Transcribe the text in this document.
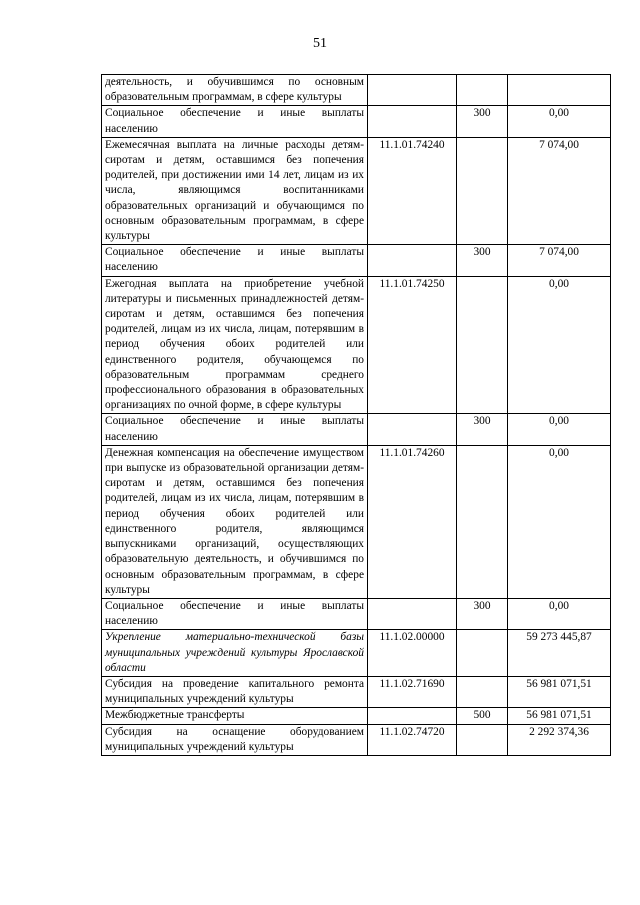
51
деятельность, и обучившимся по основным образовательным программам, в сфере культуры			
Социальное обеспечение и иные выплаты населению		300	0,00
Ежемесячная выплата на личные расходы детям-сиротам и детям, оставшимся без попечения родителей, при достижении ими 14 лет, лицам из их числа, являющимся воспитанниками образовательных организаций и обучающимся по основным образовательным программам, в сфере культуры	11.1.01.74240		7 074,00
Социальное обеспечение и иные выплаты населению		300	7 074,00
Ежегодная выплата на приобретение учебной литературы и письменных принадлежностей детям-сиротам и детям, оставшимся без попечения родителей, лицам из их числа, лицам, потерявшим в период обучения обоих родителей или единственного родителя, обучающемся по образовательным программам среднего профессионального образования в образовательных организациях по очной форме, в сфере культуры	11.1.01.74250		0,00
Социальное обеспечение и иные выплаты населению		300	0,00
Денежная компенсация на обеспечение имуществом при выпуске из образовательной организации детям-сиротам и детям, оставшимся без попечения родителей, лицам из их числа, лицам, потерявшим в период обучения обоих родителей или единственного родителя, являющимся выпускниками организаций, осуществляющих образовательную деятельность, и обучившимся по основным образовательным программам, в сфере культуры	11.1.01.74260		0,00
Социальное обеспечение и иные выплаты населению		300	0,00
Укрепление материально-технической базы муниципальных учреждений культуры Ярославской области	11.1.02.00000		59 273 445,87
Субсидия на проведение капитального ремонта муниципальных учреждений культуры	11.1.02.71690		56 981 071,51
Межбюджетные трансферты		500	56 981 071,51
Субсидия на оснащение оборудованием муниципальных учреждений культуры	11.1.02.74720		2 292 374,36
